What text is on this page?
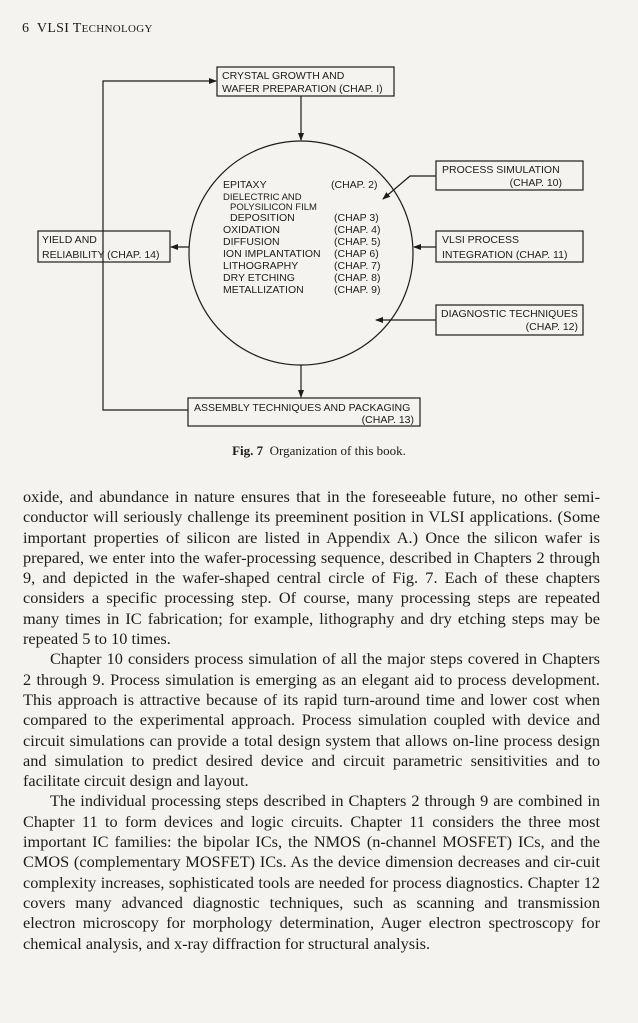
6 VLSI TECHNOLOGY
CRYSTAL GROWTH AND
WAFER PREPARATION (CHAP. I)
YIELD AND
RELIABILITY (CHAP. 14)
ASSEMBLY TECHNIQUES AND PACKAGING
(CHAP. 13)
PROCESS SIMULATION
(CHAP. 10)
VLSI PROCESS
INTEGRATION (CHAP. 11)
DIAGNOSTIC TECHNIQUES
(CHAP. 12)
EPITAXY	(CHAP. 2)
DIELECTRIC AND
POLYSILICON FILM
DEPOSITION	(CHAP 3)
OXIDATION	(CHAP. 4)
DIFFUSION	(CHAP. 5)
ION IMPLANTATION (CHAP 6)
LITHOGRAPHY	(CHAP. 7)
DRY ETCHING	(CHAP. 8)
METALLIZATION	(CHAP. 9)
Fig. 7 Organization of this book.

oxide, and abundance in nature ensures that in the foreseeable future, no other semi-conductor will seriously challenge its preeminent position in VLSI applications. (Some important properties of silicon are listed in Appendix A.) Once the silicon wafer is prepared, we enter into the wafer-processing sequence, described in Chapters 2 through 9, and depicted in the wafer-shaped central circle of Fig. 7. Each of these chapters considers a specific processing step. Of course, many processing steps are repeated many times in IC fabrication; for example, lithography and dry etching steps may be repeated 5 to 10 times.

Chapter 10 considers process simulation of all the major steps covered in Chapters 2 through 9. Process simulation is emerging as an elegant aid to process development. This approach is attractive because of its rapid turn-around time and lower cost when compared to the experimental approach. Process simulation coupled with device and circuit simulations can provide a total design system that allows on-line process design and simulation to predict desired device and circuit parametric sensitivities and to facilitate circuit design and layout.

The individual processing steps described in Chapters 2 through 9 are combined in Chapter 11 to form devices and logic circuits. Chapter 11 considers the three most important IC families: the bipolar ICs, the NMOS (n-channel MOSFET) ICs, and the CMOS (complementary MOSFET) ICs. As the device dimension decreases and cir-cuit complexity increases, sophisticated tools are needed for process diagnostics. Chapter 12 covers many advanced diagnostic techniques, such as scanning and transmission electron microscopy for morphology determination, Auger electron spectroscopy for chemical analysis, and x-ray diffraction for structural analysis.
